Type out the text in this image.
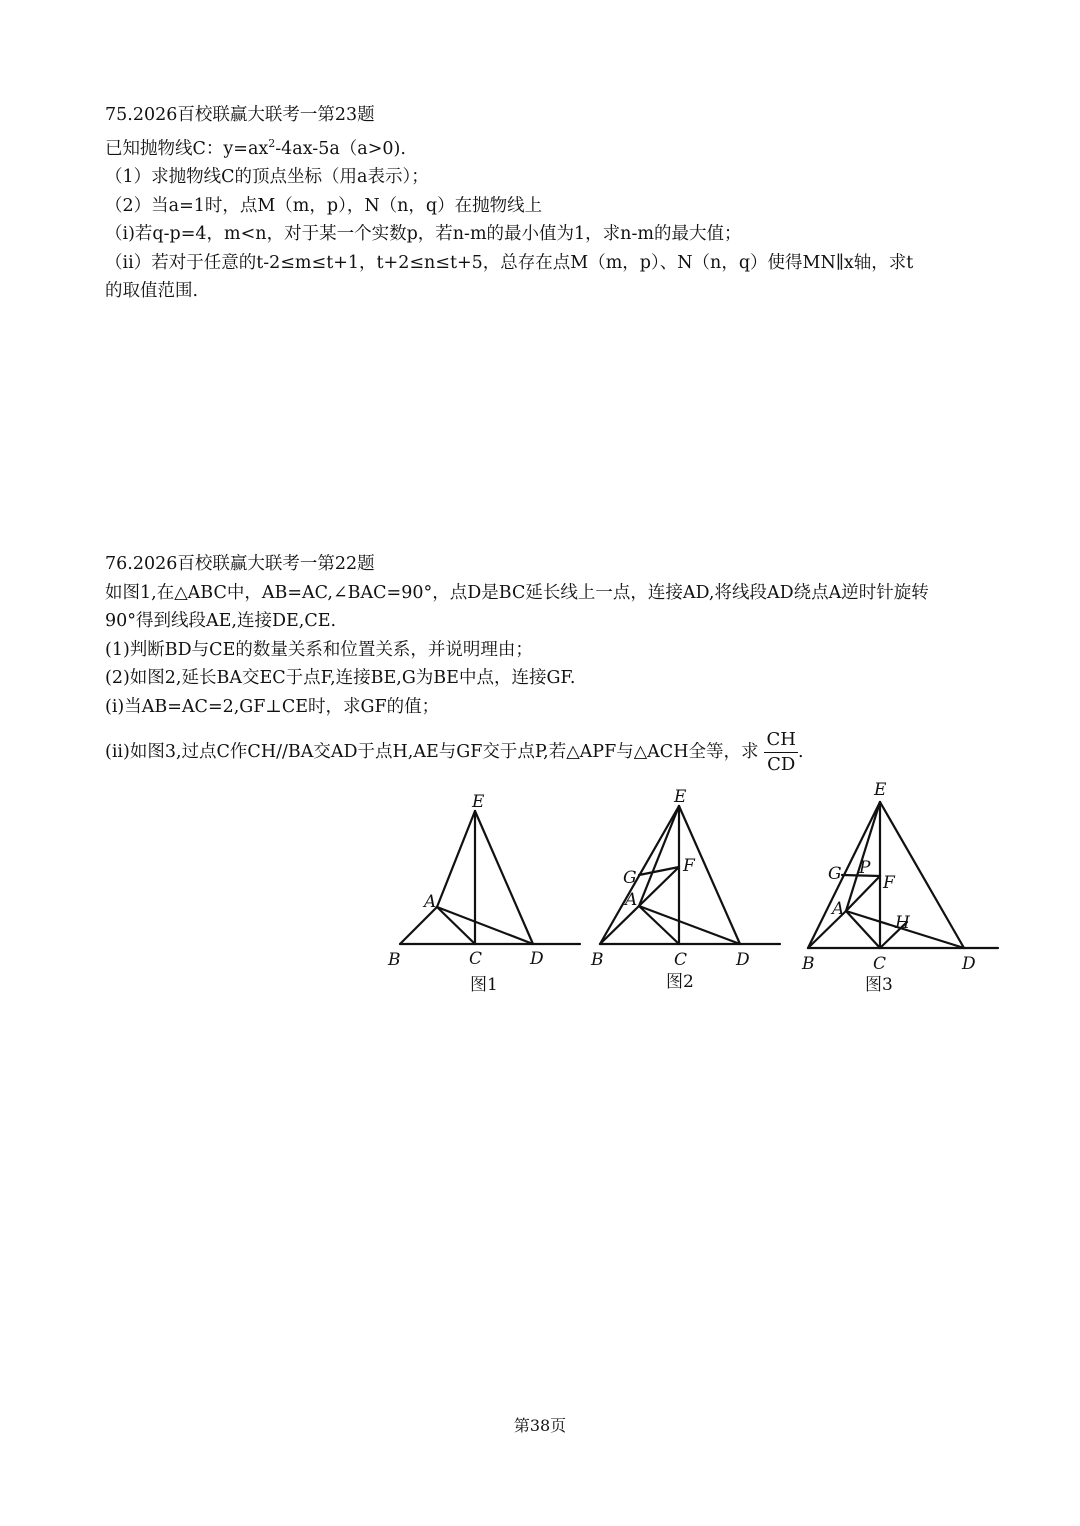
75.2026百校联赢大联考一第23题
已知抛物线C：$y=ax^2-4ax-5a(a>0)$.
（1）求抛物线C的顶点坐标（用a表示）；
（2）当a=1时，点M（m，p），N（n，q）在抛物线上
（i)若q-p=4，m<n，对于某一个实数p，若n-m的最小值为1，求n-m的最大值；
（ii）若对于任意的t-2≤m≤t+1，t+2≤n≤t+5，总存在点M（m，p）、N（n，q）使得MN∥x轴，求t
的取值范围.
76.2026百校联赢大联考一第22题
如图1,在△ABC中，AB=AC,∠BAC=90°，点D是BC延长线上一点，连接AD,将线段AD绕点A逆时针旋转
90°得到线段AE,连接DE,CE.
(1)判断BD与CE的数量关系和位置关系，并说明理由；
(2)如图2,延长BA交EC于点F,连接BE,G为BE中点，连接GF.
(i)当AB=AC=2,GF⊥CE时，求GF的值；
(ii)如图3,过点C作CH//BA交AD于点H,AE与GF交于点P,若△APF与△ACH全等，求 $\frac{CH}{CD}$ .
B	C	D
A
E
B	C	D
A
E
F
G
B	C	D
A
E
F
G P
H
图1	图2	图3
第38页
